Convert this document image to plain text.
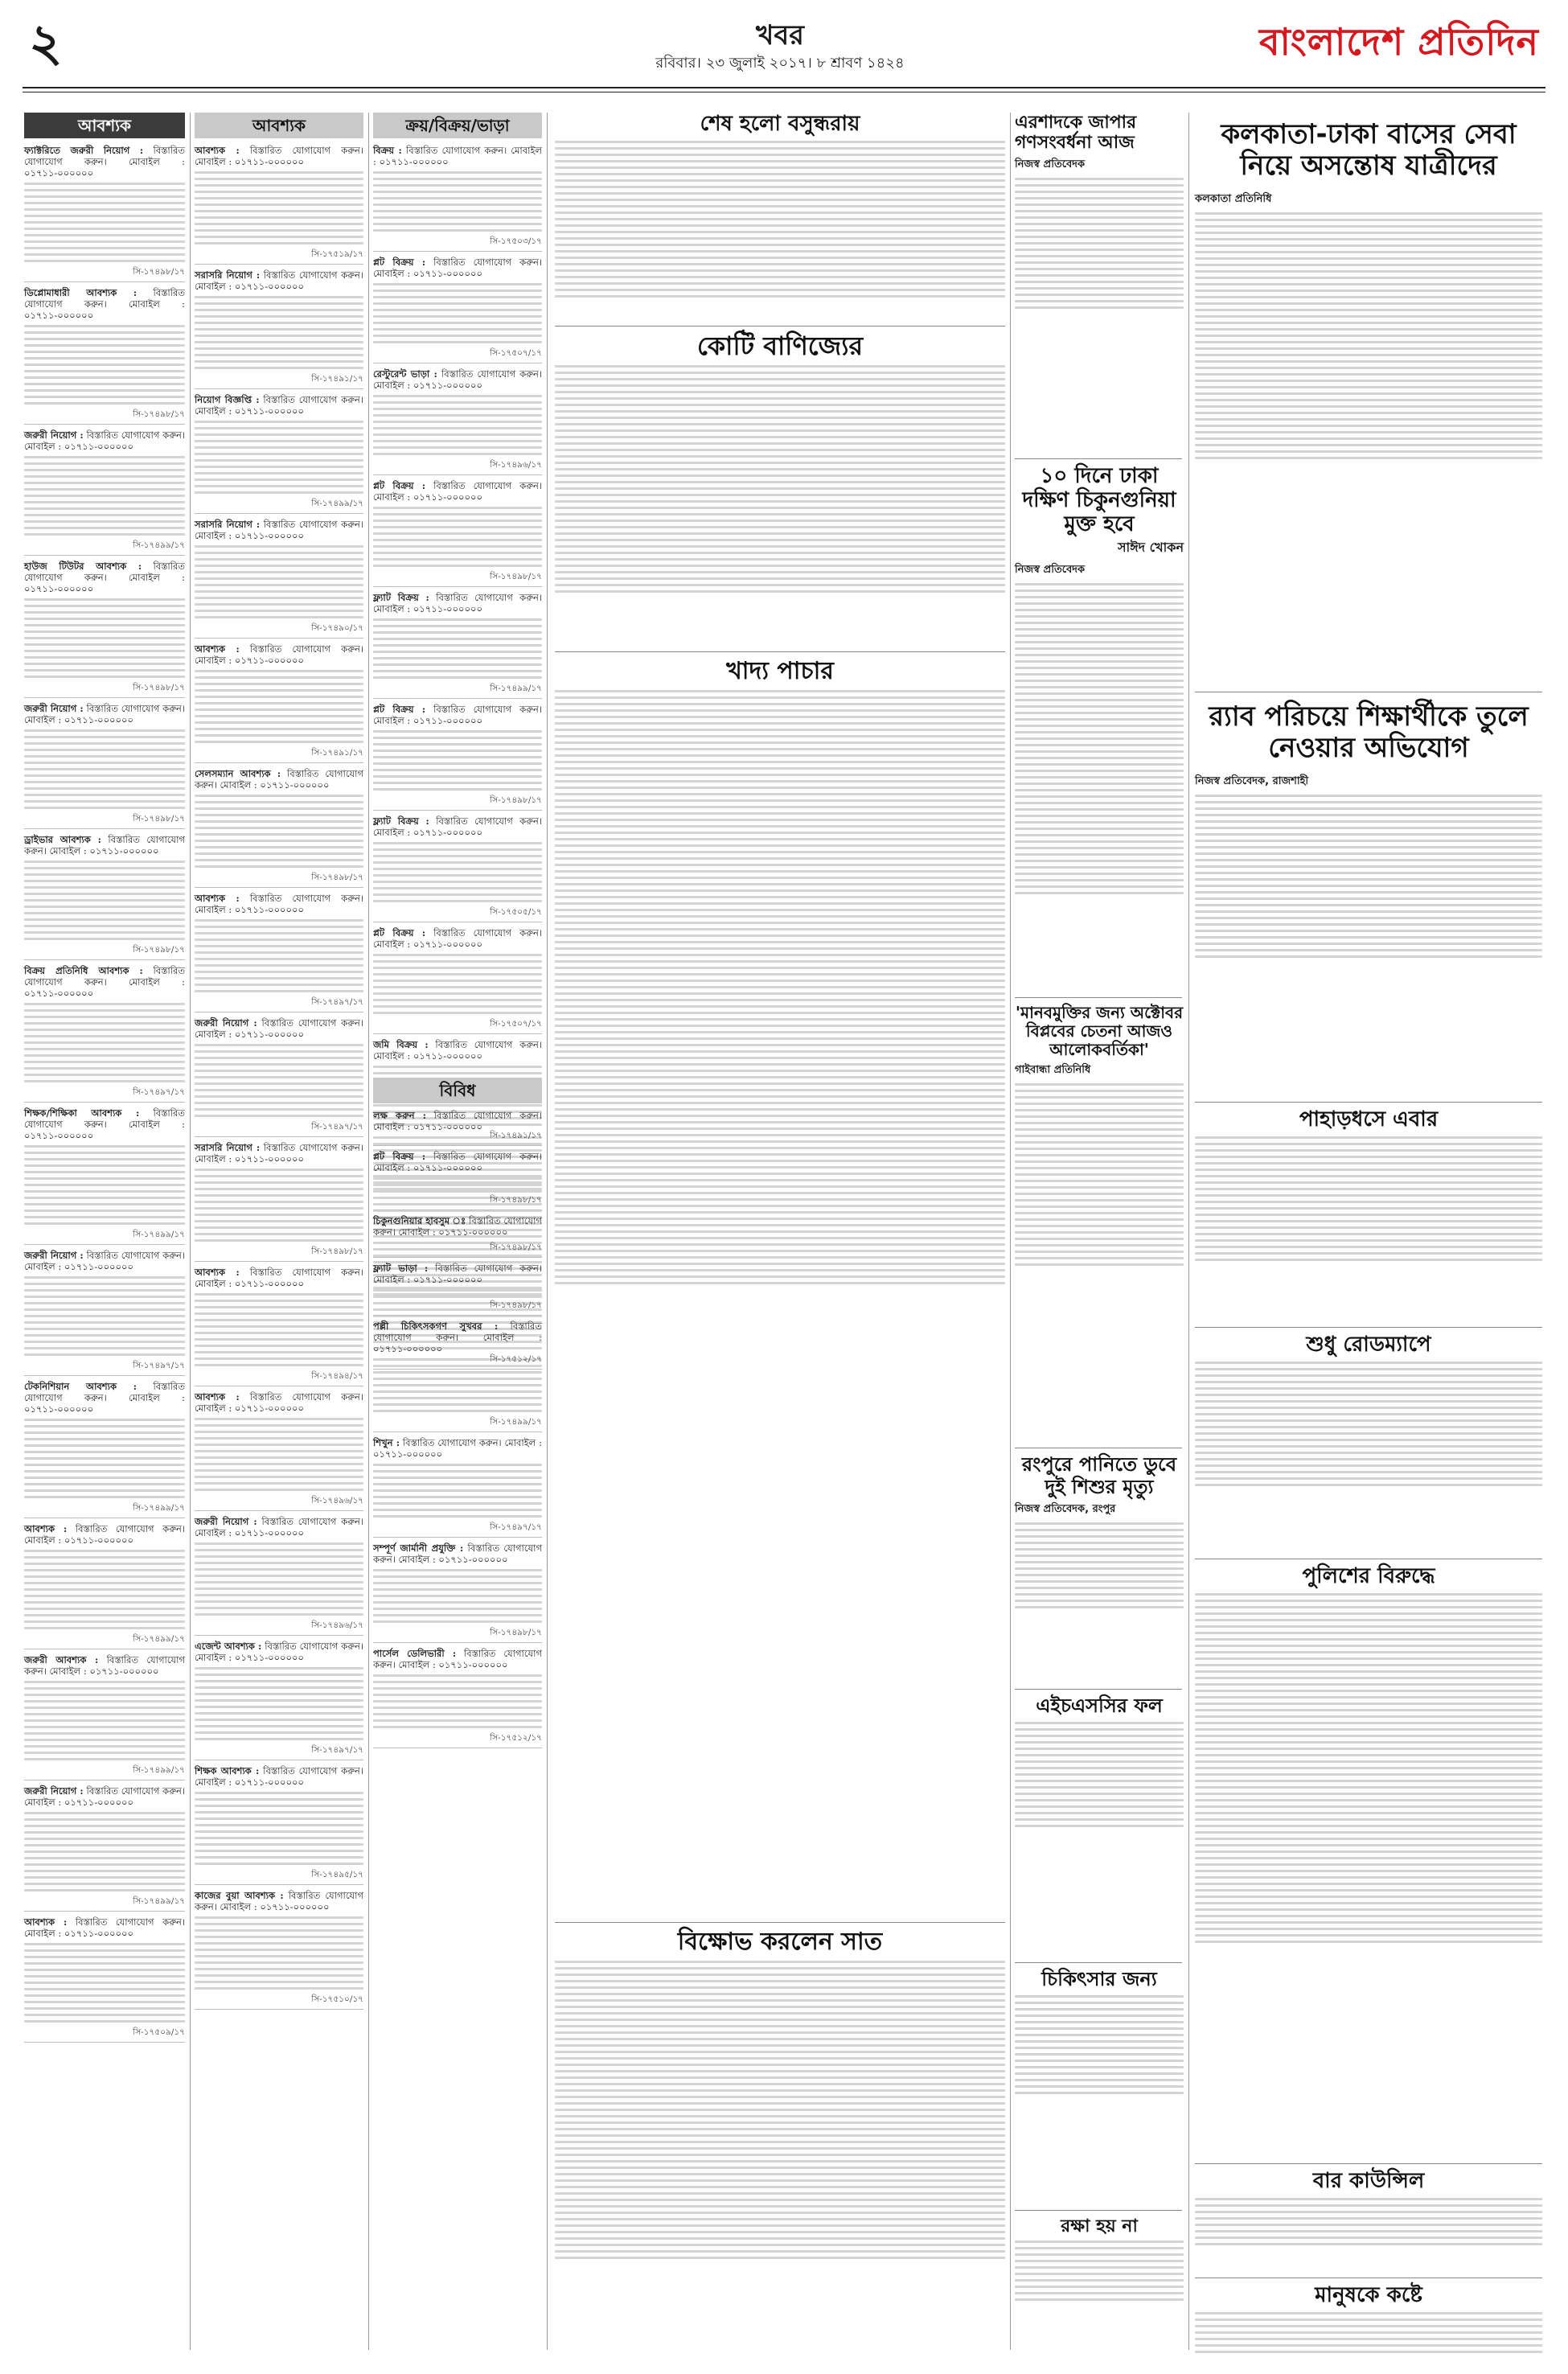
২	খবর
রবিবার। ২৩ জুলাই ২০১৭। ৮ শ্রাবণ ১৪২৪	বাংলাদেশ প্রতিদিন
আবশ্যক
ফ্যাক্টরিতে জরুরী নিয়োগ : বিস্তারিত যোগাযোগ করুন। মোবাইল : ০১৭১১-০০০০০০
সি-১৭৪৯৮/১৭
ডিপ্লোমাধারী আবশ্যক : বিস্তারিত যোগাযোগ করুন। মোবাইল : ০১৭১১-০০০০০০
সি-১৭৪৯৮/১৭
জরুরী নিয়োগ : বিস্তারিত যোগাযোগ করুন। মোবাইল : ০১৭১১-০০০০০০
সি-১৭৪৯৯/১৭
হাউজ টিউটর আবশ্যক : বিস্তারিত যোগাযোগ করুন। মোবাইল : ০১৭১১-০০০০০০
সি-১৭৪৯৮/১৭
জরুরী নিয়োগ : বিস্তারিত যোগাযোগ করুন। মোবাইল : ০১৭১১-০০০০০০
সি-১৭৪৯৮/১৭
ড্রাইভার আবশ্যক : বিস্তারিত যোগাযোগ করুন। মোবাইল : ০১৭১১-০০০০০০
সি-১৭৪৯৮/১৭
বিক্রয় প্রতিনিধি আবশ্যক : বিস্তারিত যোগাযোগ করুন। মোবাইল : ০১৭১১-০০০০০০
সি-১৭৪৯৭/১৭
শিক্ষক/শিক্ষিকা আবশ্যক : বিস্তারিত যোগাযোগ করুন। মোবাইল : ০১৭১১-০০০০০০
সি-১৭৪৯৯/১৭
জরুরী নিয়োগ : বিস্তারিত যোগাযোগ করুন। মোবাইল : ০১৭১১-০০০০০০
সি-১৭৪৯৭/১৭
টেকনিশিয়ান আবশ্যক : বিস্তারিত যোগাযোগ করুন। মোবাইল : ০১৭১১-০০০০০০
সি-১৭৪৯৯/১৭
আবশ্যক : বিস্তারিত যোগাযোগ করুন। মোবাইল : ০১৭১১-০০০০০০
সি-১৭৪৯৯/১৭
জরুরী আবশ্যক : বিস্তারিত যোগাযোগ করুন। মোবাইল : ০১৭১১-০০০০০০
সি-১৭৪৯৯/১৭
জরুরী নিয়োগ : বিস্তারিত যোগাযোগ করুন। মোবাইল : ০১৭১১-০০০০০০
সি-১৭৪৯৯/১৭
আবশ্যক : বিস্তারিত যোগাযোগ করুন। মোবাইল : ০১৭১১-০০০০০০
সি-১৭৫০৯/১৭
আবশ্যক
আবশ্যক : বিস্তারিত যোগাযোগ করুন। মোবাইল : ০১৭১১-০০০০০০
সি-১৭৫১৯/১৭
সরাসরি নিয়োগ : বিস্তারিত যোগাযোগ করুন। মোবাইল : ০১৭১১-০০০০০০
সি-১৭৪৯১/১৭
নিয়োগ বিজ্ঞপ্তি : বিস্তারিত যোগাযোগ করুন। মোবাইল : ০১৭১১-০০০০০০
সি-১৭৪৯৯/১৭
সরাসরি নিয়োগ : বিস্তারিত যোগাযোগ করুন। মোবাইল : ০১৭১১-০০০০০০
সি-১৭৪৯০/১৭
আবশ্যক : বিস্তারিত যোগাযোগ করুন। মোবাইল : ০১৭১১-০০০০০০
সি-১৭৪৯১/১৭
সেলসম্যান আবশ্যক : বিস্তারিত যোগাযোগ করুন। মোবাইল : ০১৭১১-০০০০০০
সি-১৭৪৯৮/১৭
আবশ্যক : বিস্তারিত যোগাযোগ করুন। মোবাইল : ০১৭১১-০০০০০০
সি-১৭৪৯৭/১৭
জরুরী নিয়োগ : বিস্তারিত যোগাযোগ করুন। মোবাইল : ০১৭১১-০০০০০০
সি-১৭৪৯৭/১৭
সরাসরি নিয়োগ : বিস্তারিত যোগাযোগ করুন। মোবাইল : ০১৭১১-০০০০০০
সি-১৭৪৯৮/১৭
আবশ্যক : বিস্তারিত যোগাযোগ করুন। মোবাইল : ০১৭১১-০০০০০০
সি-১৭৪৯৪/১৭
আবশ্যক : বিস্তারিত যোগাযোগ করুন। মোবাইল : ০১৭১১-০০০০০০
সি-১৭৪৯৬/১৭
জরুরী নিয়োগ : বিস্তারিত যোগাযোগ করুন। মোবাইল : ০১৭১১-০০০০০০
সি-১৭৪৯৬/১৭
এজেন্ট আবশ্যক : বিস্তারিত যোগাযোগ করুন। মোবাইল : ০১৭১১-০০০০০০
সি-১৭৪৯৭/১৭
শিক্ষক আবশ্যক : বিস্তারিত যোগাযোগ করুন। মোবাইল : ০১৭১১-০০০০০০
সি-১৭৪৯৫/১৭
কাজের বুয়া আবশ্যক : বিস্তারিত যোগাযোগ করুন। মোবাইল : ০১৭১১-০০০০০০
সি-১৭৫১০/১৭
ক্রয়/বিক্রয়/ভাড়া
বিক্রয় : বিস্তারিত যোগাযোগ করুন। মোবাইল : ০১৭১১-০০০০০০
সি-১৭৫০৩/১৭
প্লট বিক্রয় : বিস্তারিত যোগাযোগ করুন। মোবাইল : ০১৭১১-০০০০০০
সি-১৭৫০৭/১৭
রেস্টুরেন্ট ভাড়া : বিস্তারিত যোগাযোগ করুন। মোবাইল : ০১৭১১-০০০০০০
সি-১৭৪৯৬/১৭
প্লট বিক্রয় : বিস্তারিত যোগাযোগ করুন। মোবাইল : ০১৭১১-০০০০০০
সি-১৭৪৯৮/১৭
ফ্ল্যাট বিক্রয় : বিস্তারিত যোগাযোগ করুন। মোবাইল : ০১৭১১-০০০০০০
সি-১৭৪৯৯/১৭
প্লট বিক্রয় : বিস্তারিত যোগাযোগ করুন। মোবাইল : ০১৭১১-০০০০০০
সি-১৭৪৯৮/১৭
ফ্ল্যাট বিক্রয় : বিস্তারিত যোগাযোগ করুন। মোবাইল : ০১৭১১-০০০০০০
সি-১৭৫০৫/১৭
প্লট বিক্রয় : বিস্তারিত যোগাযোগ করুন। মোবাইল : ০১৭১১-০০০০০০
সি-১৭৫০৭/১৭
জমি বিক্রয় : বিস্তারিত যোগাযোগ করুন। মোবাইল : ০১৭১১-০০০০০০
সি-১৭৪৯১/১৭
প্লট বিক্রয় : বিস্তারিত যোগাযোগ করুন। মোবাইল : ০১৭১১-০০০০০০
সি-১৭৪৯৮/১৭
ফ্ল্যাট ভাড়া : বিস্তারিত যোগাযোগ করুন। মোবাইল : ০১৭১১-০০০০০০
সি-১৭৫১২/১৭
বিবিধ
লক্ষ করুন : বিস্তারিত যোগাযোগ করুন। মোবাইল : ০১৭১১-০০০০০০
সি-১৭৪৯৮/১৭
চিকুনগুনিয়ার হাবসুম ঃ বিস্তারিত যোগাযোগ করুন। মোবাইল : ০১৭১১-০০০০০০
সি-১৭৪৯৮/১৭
পল্লী চিকিৎসকগণ সুখবর : বিস্তারিত যোগাযোগ করুন। মোবাইল : ০১৭১১-০০০০০০
সি-১৭৪৯৯/১৭
শিখুন : বিস্তারিত যোগাযোগ করুন। মোবাইল : ০১৭১১-০০০০০০
সি-১৭৪৯৭/১৭
সম্পূর্ণ জার্মানী প্রযুক্তি : বিস্তারিত যোগাযোগ করুন। মোবাইল : ০১৭১১-০০০০০০
সি-১৭৪৯৮/১৭
পার্সেল ডেলিভারী : বিস্তারিত যোগাযোগ করুন। মোবাইল : ০১৭১১-০০০০০০
সি-১৭৫১২/১৭
শেষ হলো বসুন্ধরায়
কোটি বাণিজ্যের
খাদ্য পাচার
বিক্ষোভ করলেন সাত
এরশাদকে জাপার গণসংবর্ধনা আজ
নিজস্ব প্রতিবেদক
১০ দিনে ঢাকা দক্ষিণ চিকুনগুনিয়া মুক্ত হবে
সাঈদ খোকন
নিজস্ব প্রতিবেদক
'মানবমুক্তির জন্য অক্টোবর বিপ্লবের চেতনা আজও আলোকবর্তিকা'
গাইবান্ধা প্রতিনিধি
রংপুরে পানিতে ডুবে দুই শিশুর মৃত্যু
নিজস্ব প্রতিবেদক, রংপুর
এইচএসসির ফল
চিকিৎসার জন্য
রক্ষা হয় না
কলকাতা-ঢাকা বাসের সেবা নিয়ে অসন্তোষ যাত্রীদের
কলকাতা প্রতিনিধি
র‌্যাব পরিচয়ে শিক্ষার্থীকে তুলে নেওয়ার অভিযোগ
নিজস্ব প্রতিবেদক, রাজশাহী
পাহাড়ধসে এবার
শুধু রোডম্যাপে
পুলিশের বিরুদ্ধে
বার কাউন্সিল
মানুষকে কষ্টে
